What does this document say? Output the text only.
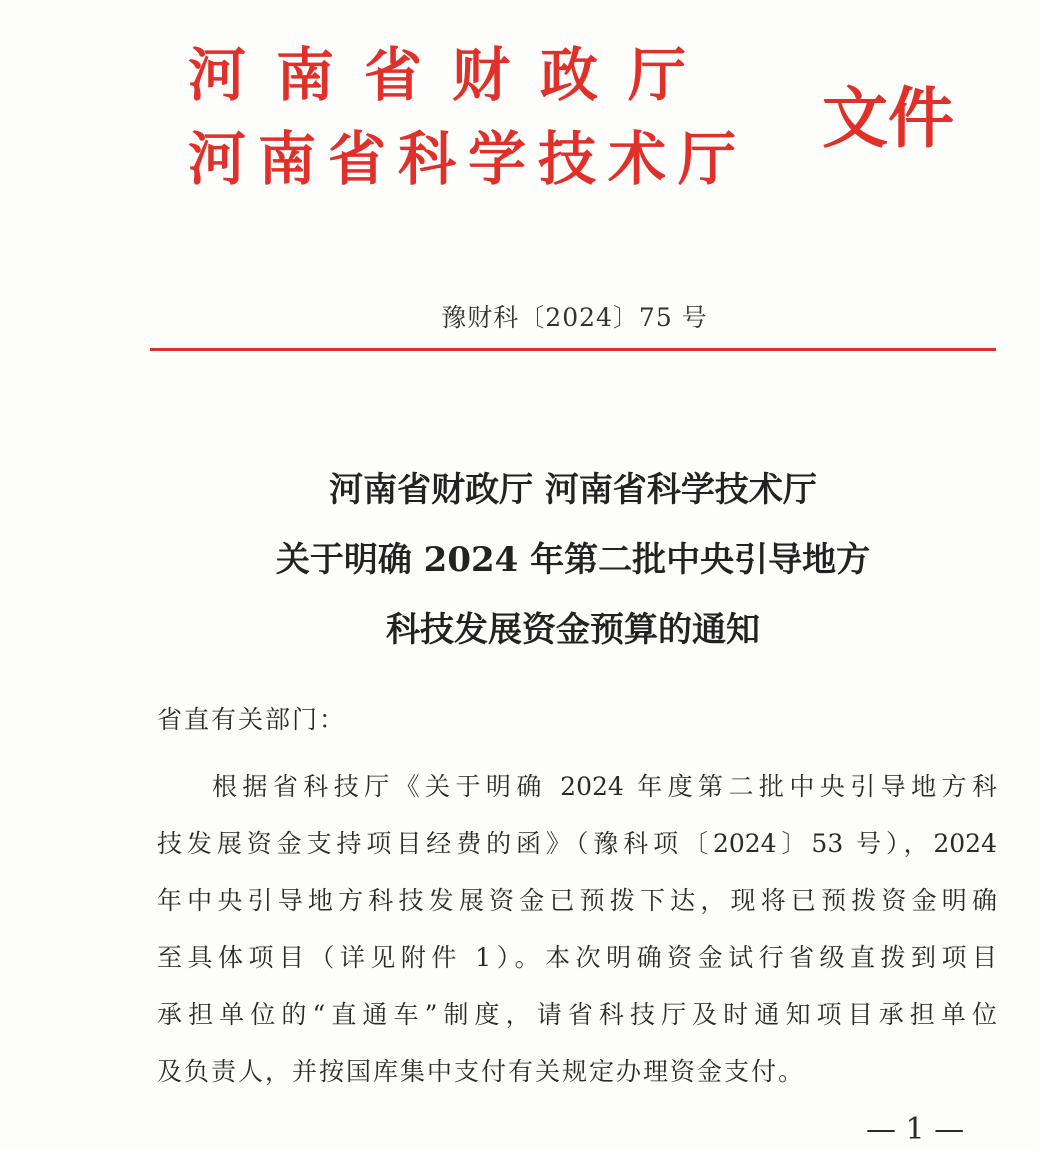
河南省财政厅
河南省科学技术厅
文件
豫财科〔2024〕75 号
河南省财政厅 河南省科学技术厅
关于明确 2024 年第二批中央引导地方
科技发展资金预算的通知
省直有关部门：
根据省科技厅《关于明确 2024 年度第二批中央引导地方科
技发展资金支持项目经费的函》（豫科项〔2024〕53 号），2024
年中央引导地方科技发展资金已预拨下达，现将已预拨资金明确
至具体项目（详见附件 1）。本次明确资金试行省级直拨到项目
承担单位的“直通车”制度，请省科技厅及时通知项目承担单位
及负责人，并按国库集中支付有关规定办理资金支付。
— 1 —
